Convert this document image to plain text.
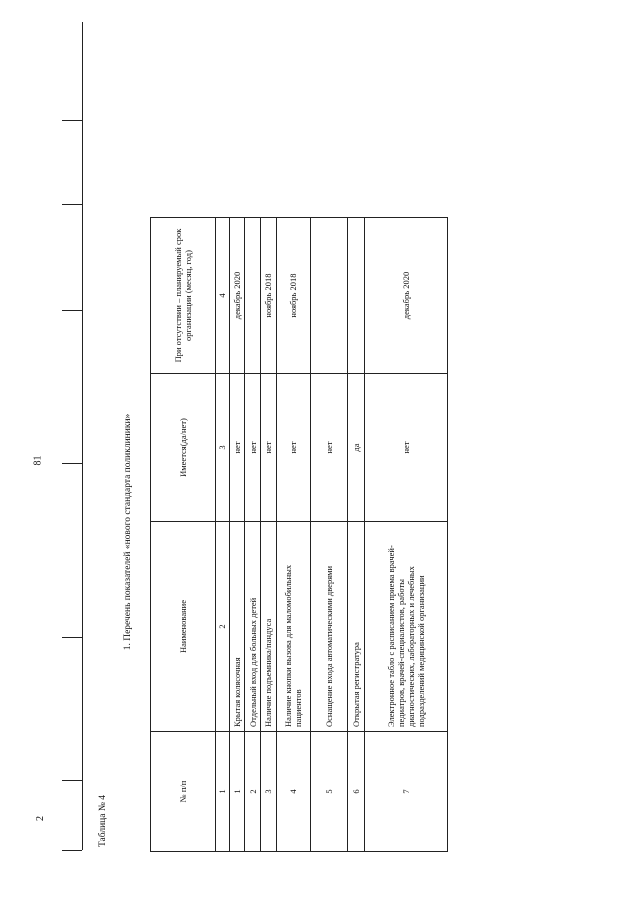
2
81
Таблица № 4
1. Перечень показателей «нового стандарта поликлиники»
№ п/п	Наименование	Имеется(да/нет)	При отсутствии – планируемый срок организации (месяц, год)
1	2	3	4
1	Крытая колясочная	нет	декабрь 2020
2	Отдельный вход для больных детей	нет	
3	Наличие подъемника/пандуса	нет	ноябрь 2018
4	Наличие кнопки вызова для маломобильных пациентов	нет	ноябрь 2018
5	Оснащение входа автоматическими дверями	нет	
6	Открытая регистратура	да	
7	Электронное табло с расписанием приема врачей-педиатров, врачей-специалистов, работы диагностических, лабораторных и лечебных подразделений медицинской организации	нет	декабрь 2020
